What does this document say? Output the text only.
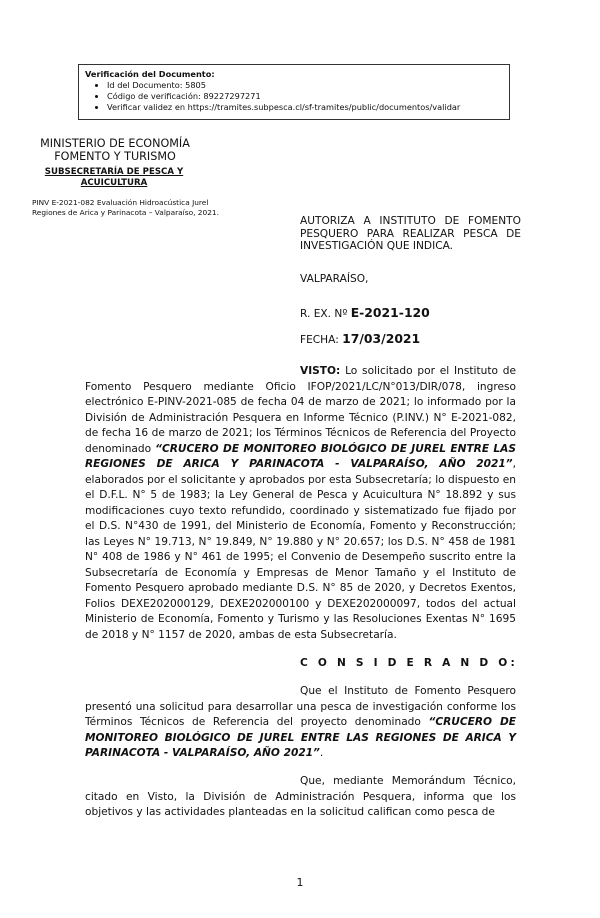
Verificación del Documento:
• Id del Documento: 5805
• Código de verificación: 89227297271
• Verificar validez en https://tramites.subpesca.cl/sf-tramites/public/documentos/validar
MINISTERIO DE ECONOMÍA
FOMENTO Y TURISMO
SUBSECRETARÍA DE PESCA Y
ACUICULTURA
PINV E-2021-082 Evaluación Hidroacústica Jurel
Regiones de Arica y Parinacota – Valparaíso, 2021.
AUTORIZA A INSTITUTO DE FOMENTO PESQUERO PARA REALIZAR PESCA DE INVESTIGACIÓN QUE INDICA.
VALPARAÍSO,
R. EX. Nº E-2021-120
FECHA: 17/03/2021
VISTO: Lo solicitado por el Instituto de Fomento Pesquero mediante Oficio IFOP/2021/LC/N°013/DIR/078, ingreso electrónico E-PINV-2021-085 de fecha 04 de marzo de 2021; lo informado por la División de Administración Pesquera en Informe Técnico (P.INV.) N° E-2021-082, de fecha 16 de marzo de 2021; los Términos Técnicos de Referencia del Proyecto denominado “CRUCERO DE MONITOREO BIOLÓGICO DE JUREL ENTRE LAS REGIONES DE ARICA Y PARINACOTA - VALPARAÍSO, AÑO 2021”, elaborados por el solicitante y aprobados por esta Subsecretaría; lo dispuesto en el D.F.L. N° 5 de 1983; la Ley General de Pesca y Acuicultura N° 18.892 y sus modificaciones cuyo texto refundido, coordinado y sistematizado fue fijado por el D.S. N°430 de 1991, del Ministerio de Economía, Fomento y Reconstrucción; las Leyes N° 19.713, N° 19.849, N° 19.880 y N° 20.657; los D.S. N° 458 de 1981 N° 408 de 1986 y N° 461 de 1995; el Convenio de Desempeño suscrito entre la Subsecretaría de Economía y Empresas de Menor Tamaño y el Instituto de Fomento Pesquero aprobado mediante D.S. N° 85 de 2020, y Decretos Exentos, Folios DEXE202000129, DEXE202000100 y DEXE202000097, todos del actual Ministerio de Economía, Fomento y Turismo y las Resoluciones Exentas N° 1695 de 2018 y N° 1157 de 2020, ambas de esta Subsecretaría.
C O N S I D E R A N D O:
Que el Instituto de Fomento Pesquero presentó una solicitud para desarrollar una pesca de investigación conforme los Términos Técnicos de Referencia del proyecto denominado “CRUCERO DE MONITOREO BIOLÓGICO DE JUREL ENTRE LAS REGIONES DE ARICA Y PARINACOTA - VALPARAÍSO, AÑO 2021”.
Que, mediante Memorándum Técnico, citado en Visto, la División de Administración Pesquera, informa que los objetivos y las actividades planteadas en la solicitud califican como pesca de
1
